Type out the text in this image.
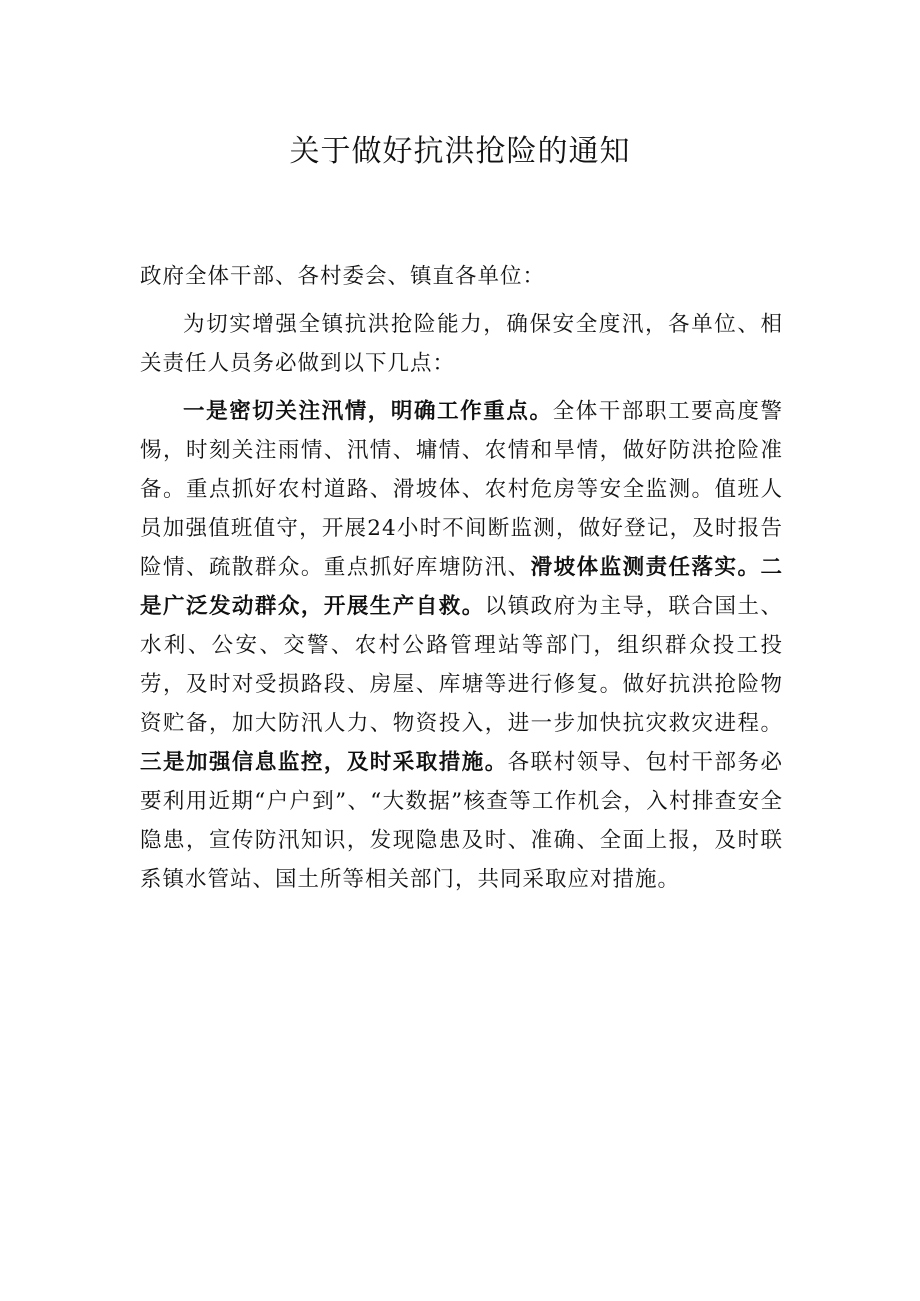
关于做好抗洪抢险的通知

政府全体干部、各村委会、镇直各单位：

为切实增强全镇抗洪抢险能力，确保安全度汛，各单位、相关责任人员务必做到以下几点：

一是密切关注汛情，明确工作重点。全体干部职工要高度警惕，时刻关注雨情、汛情、墉情、农情和旱情，做好防洪抢险准备。重点抓好农村道路、滑坡体、农村危房等安全监测。值班人员加强值班值守，开展24小时不间断监测，做好登记，及时报告险情、疏散群众。重点抓好库塘防汛、滑坡体监测责任落实。二是广泛发动群众，开展生产自救。以镇政府为主导，联合国土、水利、公安、交警、农村公路管理站等部门，组织群众投工投劳，及时对受损路段、房屋、库塘等进行修复。做好抗洪抢险物资贮备，加大防汛人力、物资投入，进一步加快抗灾救灾进程。三是加强信息监控，及时采取措施。各联村领导、包村干部务必要利用近期“户户到”、“大数据”核查等工作机会，入村排查安全隐患，宣传防汛知识，发现隐患及时、准确、全面上报，及时联系镇水管站、国土所等相关部门，共同采取应对措施。
